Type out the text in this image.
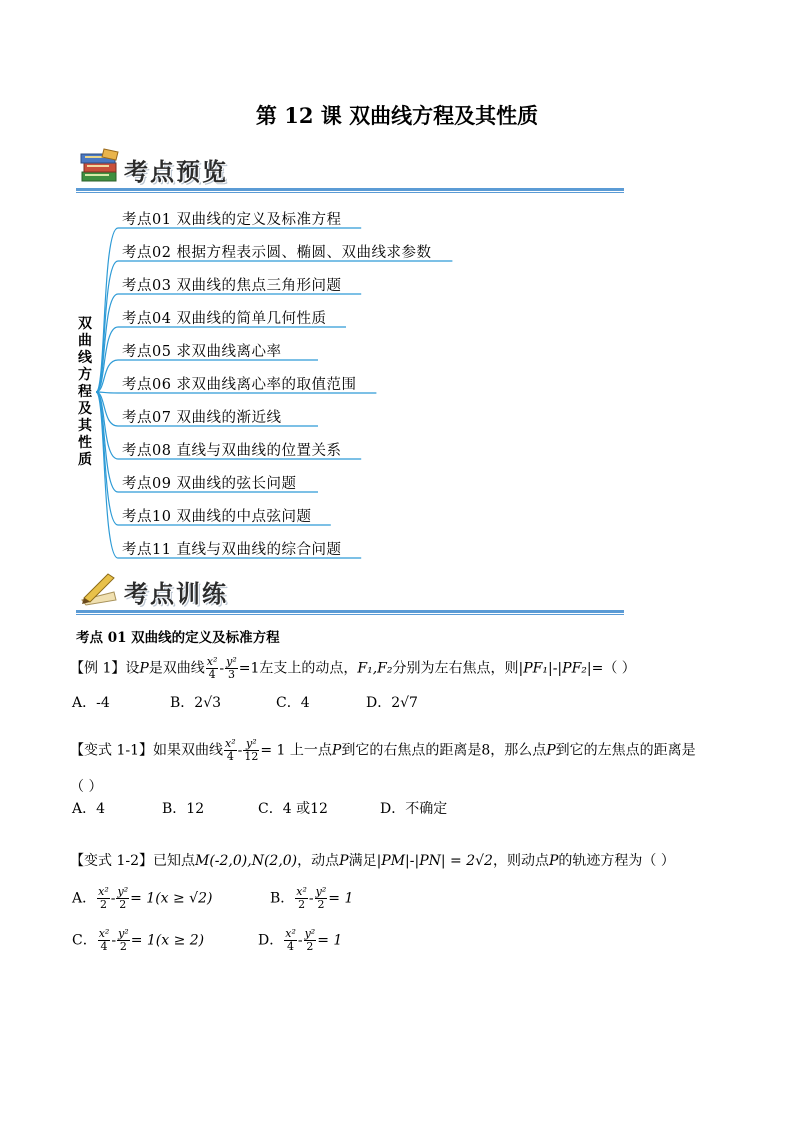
第 12 课 双曲线方程及其性质
考点预览
双
曲
线
方
程
及
其
性
质
考点01 双曲线的定义及标准方程
考点02 根据方程表示圆、椭圆、双曲线求参数
考点03 双曲线的焦点三角形问题
考点04 双曲线的简单几何性质
考点05 求双曲线离心率
考点06 求双曲线离心率的取值范围
考点07 双曲线的渐近线
考点08 直线与双曲线的位置关系
考点09 双曲线的弦长问题
考点10 双曲线的中点弦问题
考点11 直线与双曲线的综合问题
考点训练
考点 01 双曲线的定义及标准方程
【例 1】设P是双曲线 $\frac{\text{x²}}{4} - \frac{\text{y²}}{3} =1$左支上的动点，F₁,F₂分别为左右焦点，则|PF₁|-|PF₂|=（ ）
A．-4	B．2√3	C．4	D．2√7
【变式 1-1】如果双曲线 $\frac{\text{x²}}{4} - \frac{\text{y²}}{12} = 1$ 上一点P到它的右焦点的距离是8，那么点P到它的左焦点的距离是
（ ）
A．4	B．12	C．4 或12	D．不确定
【变式 1-2】已知点M(-2,0),N(2,0)，动点P满足|PM|-|PN| = 2√2，则动点P的轨迹方程为（ ）
A． $\frac{\text{x²}}{2} - \frac{\text{y²}}{2} = 1(x \ge √2)$	B． $\frac{\text{x²}}{2} - \frac{\text{y²}}{2} = 1$
C． $\frac{\text{x²}}{4} - \frac{\text{y²}}{2} = 1(x \ge 2)$	D． $\frac{\text{x²}}{4} - \frac{\text{y²}}{2} = 1$
